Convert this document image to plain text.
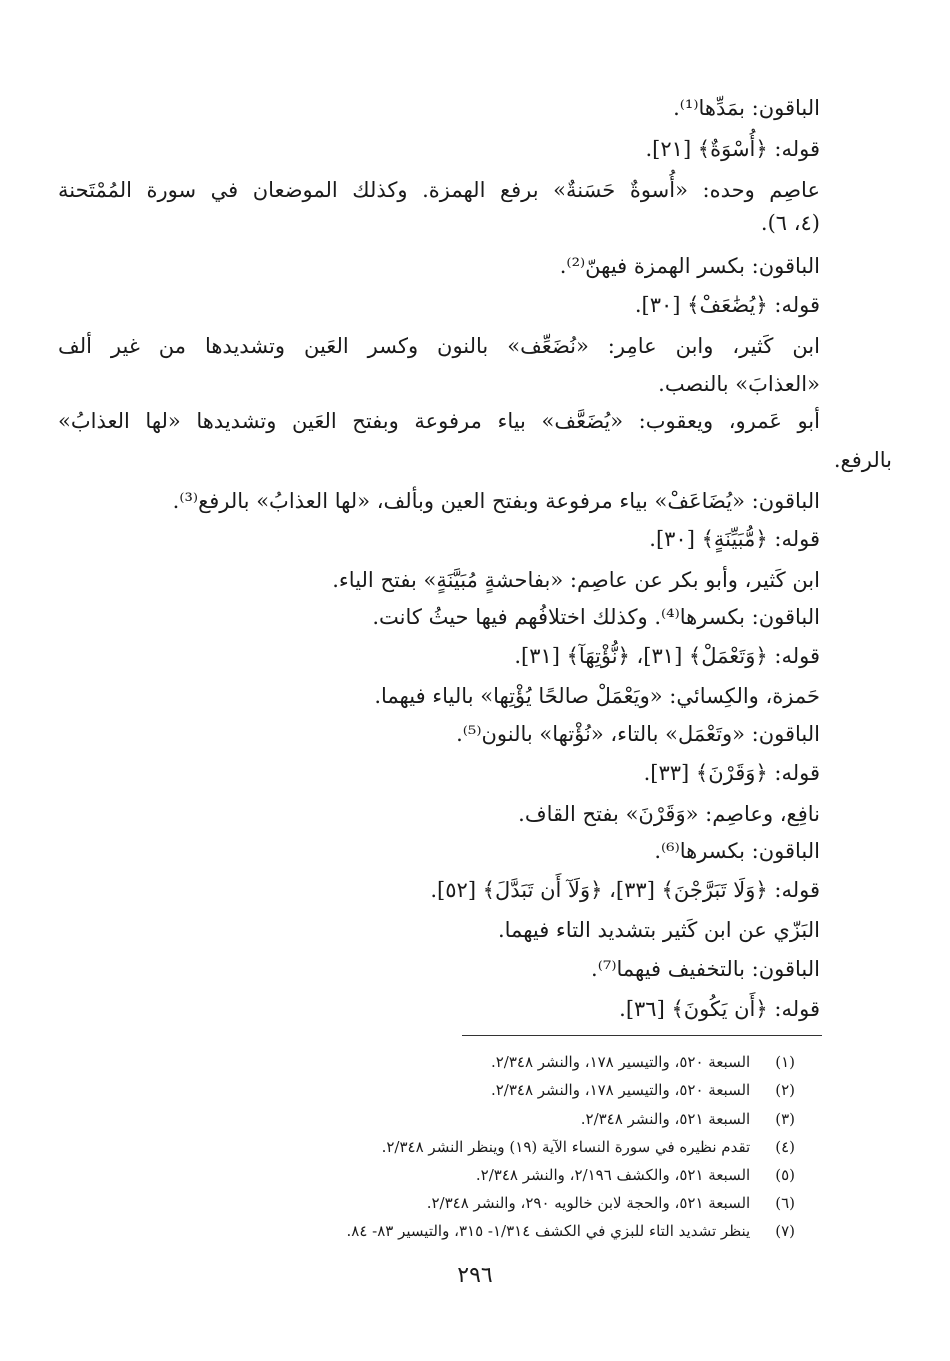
الباقون: بمَدِّها⁽¹⁾.
قوله: ﴿أُسْوَةٌ﴾ [٢١].
عاصِم وحده: «أُسوةٌ حَسَنةٌ» برفع الهمزة. وكذلك الموضعان في سورة المُمْتَحنة
(٤، ٦).
الباقون: بكسر الهمزة فيهنّ⁽²⁾.
قوله: ﴿يُضَٰعَفْ﴾ [٣٠].
ابن كَثير، وابن عامِر: «نُضَعِّف» بالنون وكسر العَين وتشديدها من غير ألف
«العذابَ» بالنصب.
أبو عَمرو، ويعقوب: «يُضَعَّف» بياء مرفوعة وبفتح العَين وتشديدها «لها العذابُ»
بالرفع.
الباقون: «يُضَاعَفْ» بياء مرفوعة وبفتح العين وبألف، «لها العذابُ» بالرفع⁽³⁾.
قوله: ﴿مُّبَيِّنَةٍ﴾ [٣٠].
ابن كَثير، وأبو بكر عن عاصِم: «بفاحشةٍ مُبَيَّنَةٍ» بفتح الياء.
الباقون: بكسرها⁽⁴⁾. وكذلك اختلافُهم فيها حيثُ كانت.
قوله: ﴿وَتَعْمَلْ﴾ [٣١]، ﴿نُّؤْتِهَآ﴾ [٣١].
حَمزة، والكِسائي: «ويَعْمَلْ صالحًا يُؤْتِها» بالياء فيهما.
الباقون: «وتَعْمَل» بالتاء، «نُؤْتها» بالنون⁽⁵⁾.
قوله: ﴿وَقَرْنَ﴾ [٣٣].
نافِع، وعاصِم: «وَقَرْنَ» بفتح القاف.
الباقون: بكسرها⁽⁶⁾.
قوله: ﴿وَلَا تَبَرَّجْنَ﴾ [٣٣]، ﴿وَلَآ أَن تَبَدَّلَ﴾ [٥٢].
البَزّي عن ابن كَثير بتشديد التاء فيهما.
الباقون: بالتخفيف فيهما⁽⁷⁾.
قوله: ﴿أَن يَكُونَ﴾ [٣٦].
(١) السبعة ٥٢٠، والتيسير ١٧٨، والنشر ٢/٣٤٨.
(٢) السبعة ٥٢٠، والتيسير ١٧٨، والنشر ٢/٣٤٨.
(٣) السبعة ٥٢١، والنشر ٢/٣٤٨.
(٤) تقدم نظيره في سورة النساء الآية (١٩) وينظر النشر ٢/٣٤٨.
(٥) السبعة ٥٢١، والكشف ٢/١٩٦، والنشر ٢/٣٤٨.
(٦) السبعة ٥٢١، والحجة لابن خالويه ٢٩٠، والنشر ٢/٣٤٨.
(٧) ينظر تشديد التاء للبزي في الكشف ١/٣١٤- ٣١٥، والتيسير ٨٣- ٨٤.
٢٩٦
